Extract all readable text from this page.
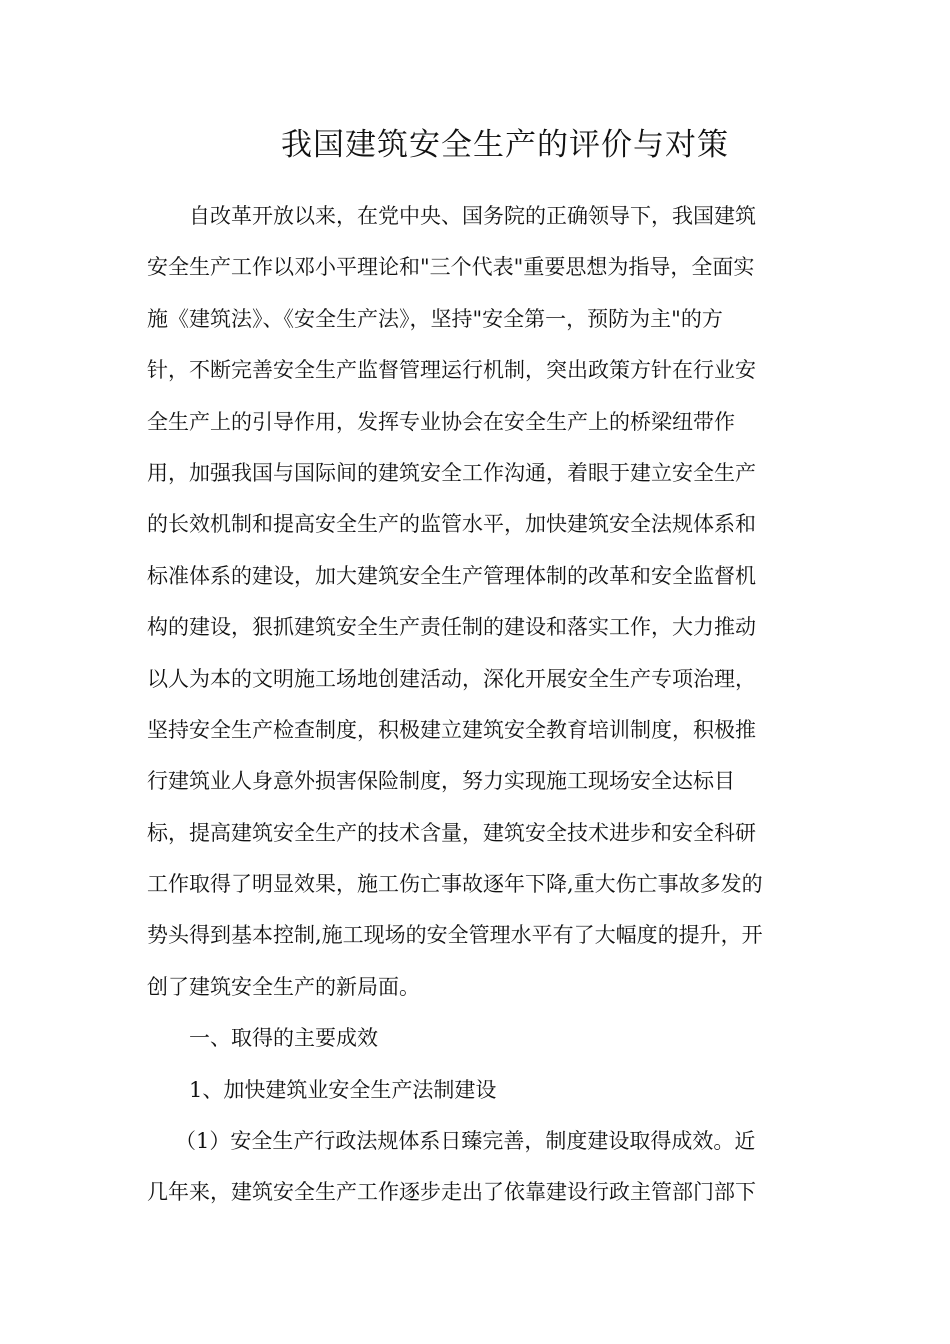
我国建筑安全生产的评价与对策
自改革开放以来，在党中央、国务院的正确领导下，我国建筑
安全生产工作以邓小平理论和"三个代表"重要思想为指导，全面实
施《建筑法》、《安全生产法》，坚持"安全第一，预防为主"的方
针，不断完善安全生产监督管理运行机制，突出政策方针在行业安
全生产上的引导作用，发挥专业协会在安全生产上的桥梁纽带作
用，加强我国与国际间的建筑安全工作沟通，着眼于建立安全生产
的长效机制和提高安全生产的监管水平，加快建筑安全法规体系和
标准体系的建设，加大建筑安全生产管理体制的改革和安全监督机
构的建设，狠抓建筑安全生产责任制的建设和落实工作，大力推动
以人为本的文明施工场地创建活动，深化开展安全生产专项治理，
坚持安全生产检查制度，积极建立建筑安全教育培训制度，积极推
行建筑业人身意外损害保险制度，努力实现施工现场安全达标目
标，提高建筑安全生产的技术含量，建筑安全技术进步和安全科研
工作取得了明显效果，施工伤亡事故逐年下降,重大伤亡事故多发的
势头得到基本控制,施工现场的安全管理水平有了大幅度的提升，开
创了建筑安全生产的新局面。
一、取得的主要成效
1、加快建筑业安全生产法制建设
（1）安全生产行政法规体系日臻完善，制度建设取得成效。近
几年来，建筑安全生产工作逐步走出了依靠建设行政主管部门部下
